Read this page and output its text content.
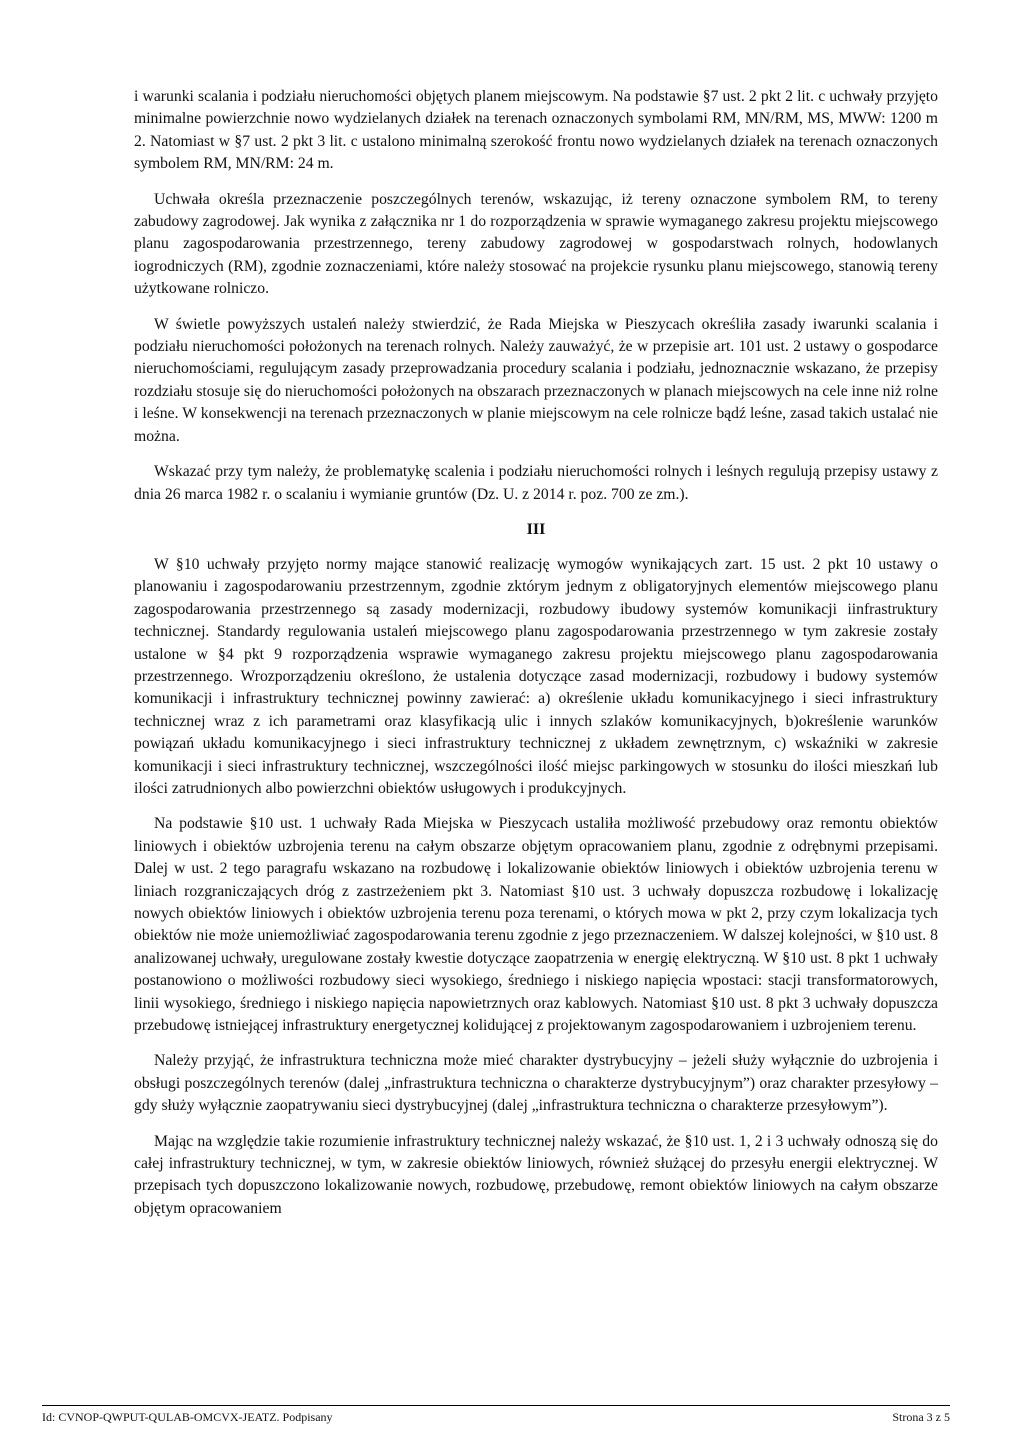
i warunki scalania i podziału nieruchomości objętych planem miejscowym. Na podstawie §7 ust. 2 pkt 2 lit. c uchwały przyjęto minimalne powierzchnie nowo wydzielanych działek na terenach oznaczonych symbolami RM, MN/RM, MS, MWW: 1200 m 2. Natomiast w §7 ust. 2 pkt 3 lit. c ustalono minimalną szerokość frontu nowo wydzielanych działek na terenach oznaczonych symbolem RM, MN/RM: 24 m.

Uchwała określa przeznaczenie poszczególnych terenów, wskazując, iż tereny oznaczone symbolem RM, to tereny zabudowy zagrodowej. Jak wynika z załącznika nr 1 do rozporządzenia w sprawie wymaganego zakresu projektu miejscowego planu zagospodarowania przestrzennego, tereny zabudowy zagrodowej w gospodarstwach rolnych, hodowlanych iogrodniczych (RM), zgodnie zoznaczeniami, które należy stosować na projekcie rysunku planu miejscowego, stanowią tereny użytkowane rolniczo.

W świetle powyższych ustaleń należy stwierdzić, że Rada Miejska w Pieszycach określiła zasady iwarunki scalania i podziału nieruchomości położonych na terenach rolnych. Należy zauważyć, że w przepisie art. 101 ust. 2 ustawy o gospodarce nieruchomościami, regulującym zasady przeprowadzania procedury scalania i podziału, jednoznacznie wskazano, że przepisy rozdziału stosuje się do nieruchomości położonych na obszarach przeznaczonych w planach miejscowych na cele inne niż rolne i leśne. W konsekwencji na terenach przeznaczonych w planie miejscowym na cele rolnicze bądź leśne, zasad takich ustalać nie można.

Wskazać przy tym należy, że problematykę scalenia i podziału nieruchomości rolnych i leśnych regulują przepisy ustawy z dnia 26 marca 1982 r. o scalaniu i wymianie gruntów (Dz. U. z 2014 r. poz. 700 ze zm.).

III

W §10 uchwały przyjęto normy mające stanowić realizację wymogów wynikających zart. 15 ust. 2 pkt 10 ustawy o planowaniu i zagospodarowaniu przestrzennym, zgodnie zktórym jednym z obligatoryjnych elementów miejscowego planu zagospodarowania przestrzennego są zasady modernizacji, rozbudowy ibudowy systemów komunikacji iinfrastruktury technicznej. Standardy regulowania ustaleń miejscowego planu zagospodarowania przestrzennego w tym zakresie zostały ustalone w §4 pkt 9 rozporządzenia wsprawie wymaganego zakresu projektu miejscowego planu zagospodarowania przestrzennego. Wrozporządzeniu określono, że ustalenia dotyczące zasad modernizacji, rozbudowy i budowy systemów komunikacji i infrastruktury technicznej powinny zawierać: a) określenie układu komunikacyjnego i sieci infrastruktury technicznej wraz z ich parametrami oraz klasyfikacją ulic i innych szlaków komunikacyjnych, b)określenie warunków powiązań układu komunikacyjnego i sieci infrastruktury technicznej z układem zewnętrznym, c) wskaźniki w zakresie komunikacji i sieci infrastruktury technicznej, wszczególności ilość miejsc parkingowych w stosunku do ilości mieszkań lub ilości zatrudnionych albo powierzchni obiektów usługowych i produkcyjnych.

Na podstawie §10 ust. 1 uchwały Rada Miejska w Pieszycach ustaliła możliwość przebudowy oraz remontu obiektów liniowych i obiektów uzbrojenia terenu na całym obszarze objętym opracowaniem planu, zgodnie z odrębnymi przepisami. Dalej w ust. 2 tego paragrafu wskazano na rozbudowę i lokalizowanie obiektów liniowych i obiektów uzbrojenia terenu w liniach rozgraniczających dróg z zastrzeżeniem pkt 3. Natomiast §10 ust. 3 uchwały dopuszcza rozbudowę i lokalizację nowych obiektów liniowych i obiektów uzbrojenia terenu poza terenami, o których mowa w pkt 2, przy czym lokalizacja tych obiektów nie może uniemożliwiać zagospodarowania terenu zgodnie z jego przeznaczeniem. W dalszej kolejności, w §10 ust. 8 analizowanej uchwały, uregulowane zostały kwestie dotyczące zaopatrzenia w energię elektryczną. W §10 ust. 8 pkt 1 uchwały postanowiono o możliwości rozbudowy sieci wysokiego, średniego i niskiego napięcia wpostaci: stacji transformatorowych, linii wysokiego, średniego i niskiego napięcia napowietrznych oraz kablowych. Natomiast §10 ust. 8 pkt 3 uchwały dopuszcza przebudowę istniejącej infrastruktury energetycznej kolidującej z projektowanym zagospodarowaniem i uzbrojeniem terenu.

Należy przyjąć, że infrastruktura techniczna może mieć charakter dystrybucyjny – jeżeli służy wyłącznie do uzbrojenia i obsługi poszczególnych terenów (dalej „infrastruktura techniczna o charakterze dystrybucyjnym”) oraz charakter przesyłowy – gdy służy wyłącznie zaopatrywaniu sieci dystrybucyjnej (dalej „infrastruktura techniczna o charakterze przesyłowym”).

Mając na względzie takie rozumienie infrastruktury technicznej należy wskazać, że §10 ust. 1, 2 i 3 uchwały odnoszą się do całej infrastruktury technicznej, w tym, w zakresie obiektów liniowych, również służącej do przesyłu energii elektrycznej. W przepisach tych dopuszczono lokalizowanie nowych, rozbudowę, przebudowę, remont obiektów liniowych na całym obszarze objętym opracowaniem

Id: CVNOP-QWPUT-QULAB-OMCVX-JEATZ. Podpisany	Strona 3 z 5
